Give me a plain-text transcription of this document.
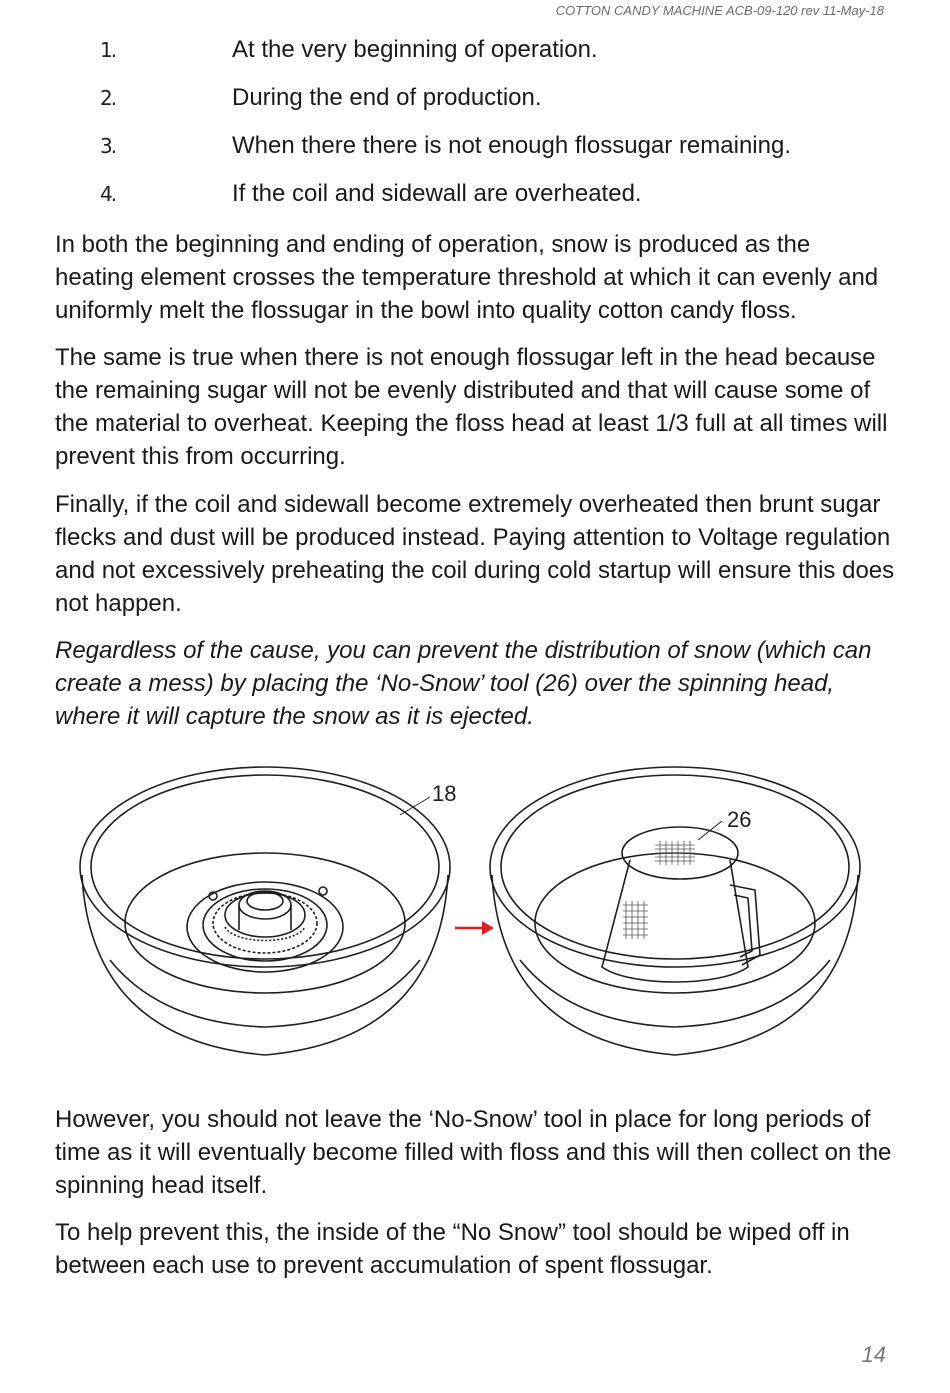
COTTON CANDY MACHINE ACB-09-120 rev 11-May-18
1.	At the very beginning of operation.
2.	During the end of production.
3.	When there there is not enough flossugar remaining.
4.	If the coil and sidewall are overheated.

In both the beginning and ending of operation, snow is produced as the heating element crosses the temperature threshold at which it can evenly and uniformly melt the flossugar in the bowl into quality cotton candy floss.

The same is true when there is not enough flossugar left in the head because the remaining sugar will not be evenly distributed and that will cause some of the material to overheat. Keeping the floss head at least 1/3 full at all times will prevent this from occurring.

Finally, if the coil and sidewall become extremely overheated then brunt sugar flecks and dust will be produced instead. Paying attention to Voltage regulation and not excessively preheating the coil during cold startup will ensure this does not happen.

Regardless of the cause, you can prevent the distribution of snow (which can create a mess) by placing the ‘No-Snow’ tool (26) over the spinning head, where it will capture the snow as it is ejected.

18
26

However, you should not leave the ‘No-Snow’ tool in place for long periods of time as it will eventually become filled with floss and this will then collect on the spinning head itself.

To help prevent this, the inside of the “No Snow” tool should be wiped off in between each use to prevent accumulation of spent flossugar.

14
